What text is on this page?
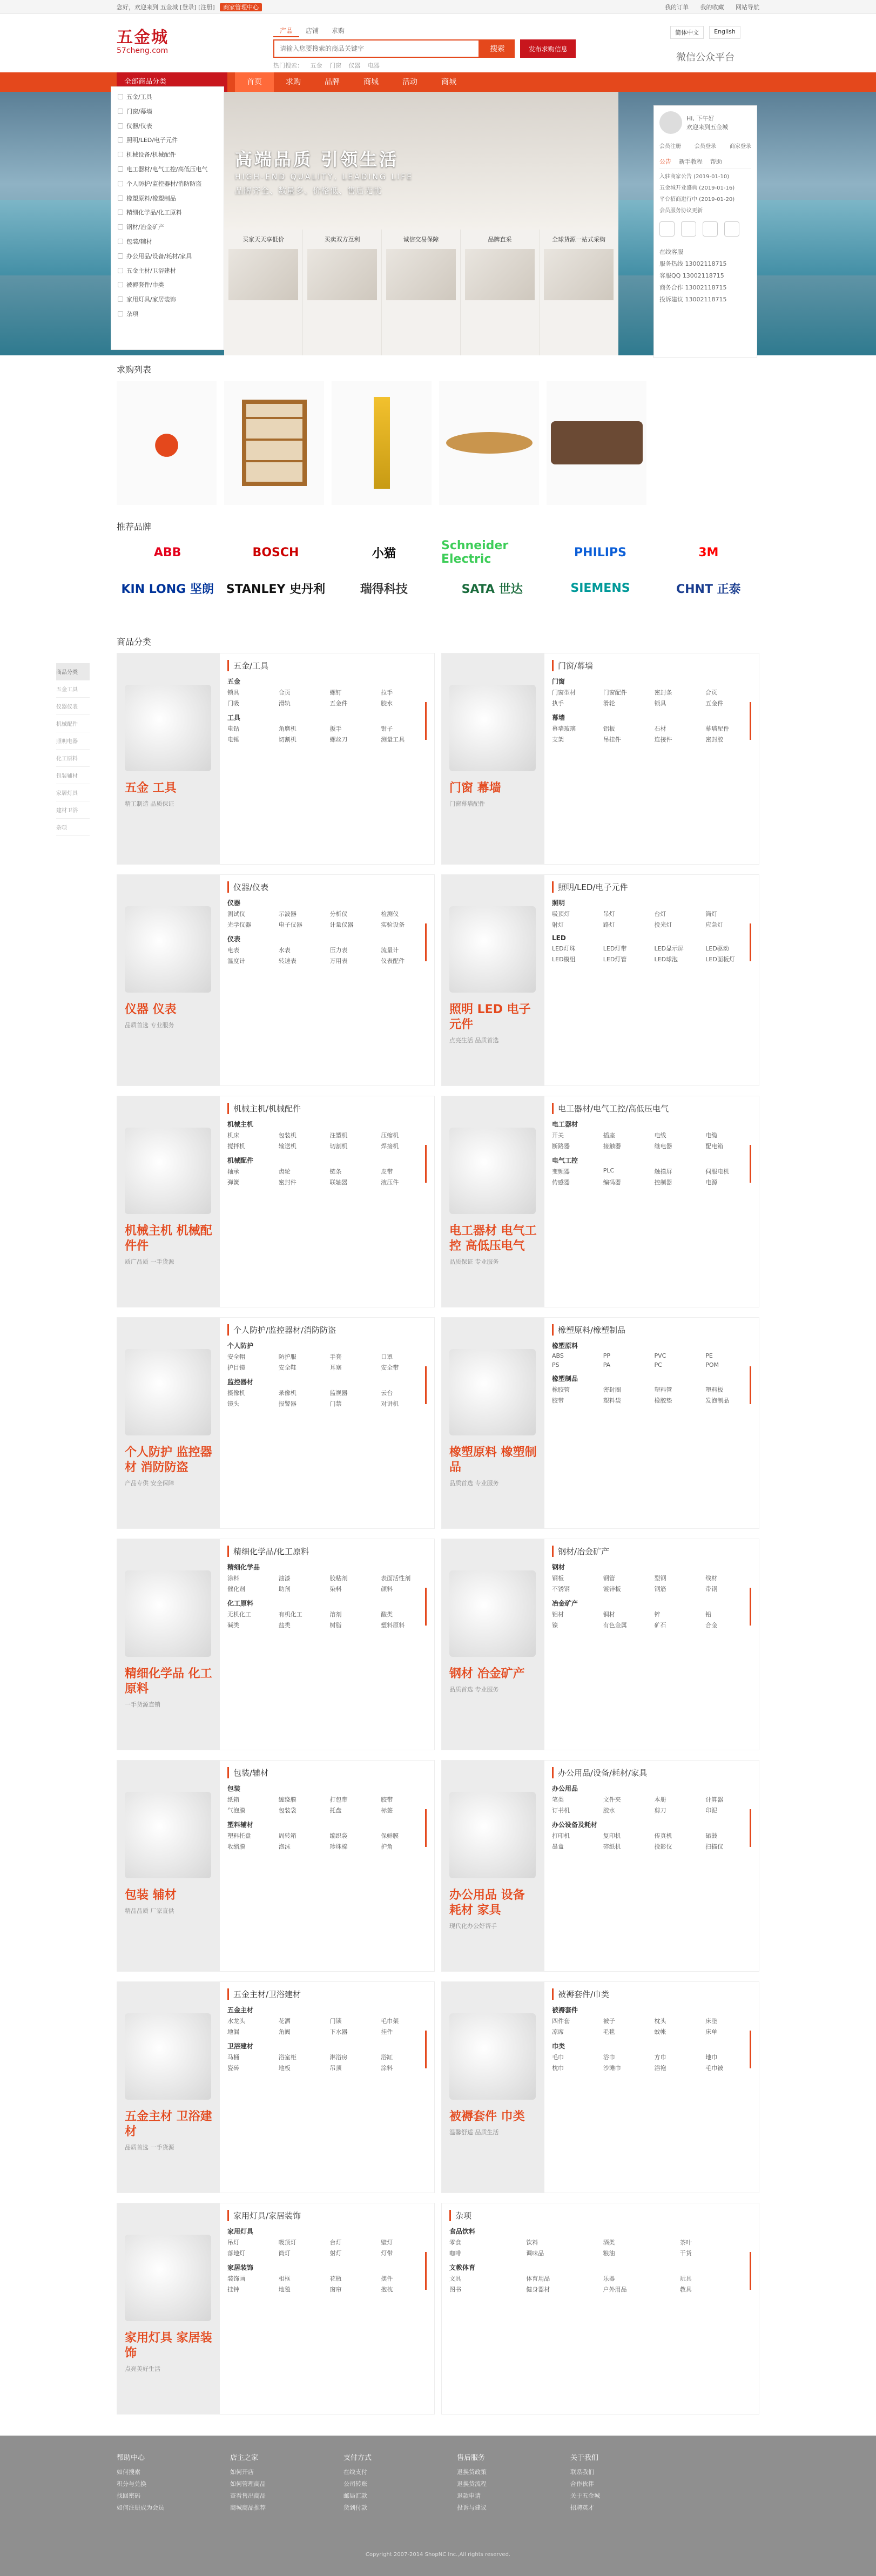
您好，欢迎来到 五金城 [登录] [注册] 商家管理中心	我的订单 我的收藏 网站导航
五金城
57cheng.com
产品	店铺	求购
请输入您要搜索的商品关键字
搜索	发布求购信息
热门搜索： 五金 门窗 仪器 电器
简体中文	English
微信公众平台
全部商品分类	首页	求购	品牌	商城	活动	商城
高端品质 引领生活
HIGH-END QUALITY, LEADING LIFE
品牌齐全、数量多、价格低、售后无忧
买家天天享低价	买卖双方互利	诚信交易保障	品牌直采	全球货源一站式采购
五金/工具
门窗/幕墙
仪器/仪表
照明/LED/电子元件
机械设备/机械配件
电工器材/电气工控/高低压电气
个人防护/监控器材/消防防盗
橡塑原料/橡塑制品
精细化学品/化工原料
钢材/冶金矿产
包装/辅材
办公用品/设备/耗材/家具
五金主材/卫浴建材
被褥套件/巾类
家用灯具/家居装饰
杂项
Hi, 下午好
欢迎来到五金城
会员注册	会员登录	商家登录
公告 新手教程 帮助
入驻商家公告 (2019-01-10)
五金城开业盛典 (2019-01-16)
平台招商进行中 (2019-01-20)
会员服务协议更新
在线客服
服务热线 13002118715
客服QQ 13002118715
商务合作 13002118715
投诉建议 13002118715
商品分类
五金工具
仪器仪表
机械配件
照明电器
化工原料
包装辅材
家居灯具
建材卫浴
杂项
求购列表
●
推荐品牌
ABB	BOSCH	小猫
Schneider Electric	PHILIPS	3M
KIN LONG 坚朗	STANLEY 史丹利	瑞得科技	SATA 世达	SIEMENS	CHNT 正泰
商品分类
五金 工具
精工制造 品质保证
五金/工具
五金
锁具	合页	螺钉	拉手
门吸	滑轨	五金件	胶水
工具
电钻	角磨机	扳手	钳子
电锤	切割机	螺丝刀	测量工具
门窗 幕墙
门窗幕墙配件
门窗/幕墙
门窗
门窗型材	门窗配件	密封条	合页
执手	滑轮	锁具	五金件
幕墙
幕墙玻璃	铝板	石材	幕墙配件
支架	吊挂件	连接件	密封胶
仪器 仪表
品质首选 专业服务
仪器/仪表
仪器
测试仪	示波器	分析仪	检测仪
光学仪器	电子仪器	计量仪器	实验设备
仪表
电表	水表	压力表	流量计
温度计	转速表	万用表	仪表配件
照明 LED 电子元件
点亮生活 品质首选
照明/LED/电子元件
照明
吸顶灯	吊灯	台灯	筒灯
射灯	路灯	投光灯	应急灯
LED
LED灯珠	LED灯带	LED显示屏	LED驱动
LED模组	LED灯管	LED球泡	LED面板灯
机械主机 机械配件件
质广品质 一手货源
机械主机/机械配件
机械主机
机床	包装机	注塑机	压缩机
搅拌机	输送机	切割机	焊接机
机械配件
轴承	齿轮	链条	皮带
弹簧	密封件	联轴器	液压件
电工器材 电气工控 高低压电气
品质保证 专业服务
电工器材/电气工控/高低压电气
电工器材
开关	插座	电线	电缆
断路器	接触器	继电器	配电箱
电气工控
变频器	PLC	触摸屏	伺服电机
传感器	编码器	控制器	电源
个人防护 监控器材 消防防盗
产品专供 安全保障
个人防护/监控器材/消防防盗
个人防护
安全帽	防护服	手套	口罩
护目镜	安全鞋	耳塞	安全带
监控器材
摄像机	录像机	监视器	云台
镜头	报警器	门禁	对讲机
橡塑原料 橡塑制品
品质首选 专业服务
橡塑原料/橡塑制品
橡塑原料
ABS	PP	PVC	PE
PS	PA	PC	POM
橡塑制品
橡胶管	密封圈	塑料管	塑料板
胶带	塑料袋	橡胶垫	发泡制品
精细化学品 化工原料
一手货源直销
精细化学品/化工原料
精细化学品
涂料	油漆	胶粘剂	表面活性剂
催化剂	助剂	染料	颜料
化工原料
无机化工	有机化工	溶剂	酸类
碱类	盐类	树脂	塑料原料
钢材 冶金矿产
品质首选 专业服务
钢材/冶金矿产
钢材
钢板	钢管	型钢	线材
不锈钢	镀锌板	钢筋	带钢
冶金矿产
铝材	铜材	锌	铅
镍	有色金属	矿石	合金
包装 辅材
精品品质 厂家直供
包装/辅材
包装
纸箱	缠绕膜	打包带	胶带
气泡膜	包装袋	托盘	标签
塑料辅材
塑料托盘	周转箱	编织袋	保鲜膜
收缩膜	泡沫	珍珠棉	护角
办公用品 设备 耗材 家具
现代化办公好帮手
办公用品/设备/耗材/家具
办公用品
笔类	文件夹	本册	计算器
订书机	胶水	剪刀	印泥
办公设备及耗材
打印机	复印机	传真机	硒鼓
墨盒	碎纸机	投影仪	扫描仪
五金主材 卫浴建材
品质首选 一手货源
五金主材/卫浴建材
五金主材
水龙头	花洒	门锁	毛巾架
地漏	角阀	下水器	挂件
卫浴建材
马桶	浴室柜	淋浴房	浴缸
瓷砖	地板	吊顶	涂料
被褥套件 巾类
温馨舒适 品质生活
被褥套件/巾类
被褥套件
四件套	被子	枕头	床垫
凉席	毛毯	蚊帐	床单
巾类
毛巾	浴巾	方巾	地巾
枕巾	沙滩巾	浴袍	毛巾被
家用灯具 家居装饰
点亮美好生活
家用灯具/家居装饰
家用灯具
吊灯	吸顶灯	台灯	壁灯
落地灯	筒灯	射灯	灯带
家居装饰
装饰画	相框	花瓶	摆件
挂钟	地毯	窗帘	抱枕
杂项
食品饮料
零食	饮料	酒类	茶叶
咖啡	调味品	粮油	干货
文教体育
文具	体育用品	乐器	玩具
图书	健身器材	户外用品	教具
帮助中心
如何搜索
积分与兑换
找回密码
如何注册成为会员
店主之家
如何开店
如何管理商品
查看售出商品
商城商品推荐
支付方式
在线支付
公司转账
邮局汇款
货到付款
售后服务
退换货政策
退换货流程
退款申请
投诉与建议
关于我们
联系我们
合作伙伴
关于五金城
招聘英才
Copyright 2007-2014 ShopNC Inc.,All rights reserved.
